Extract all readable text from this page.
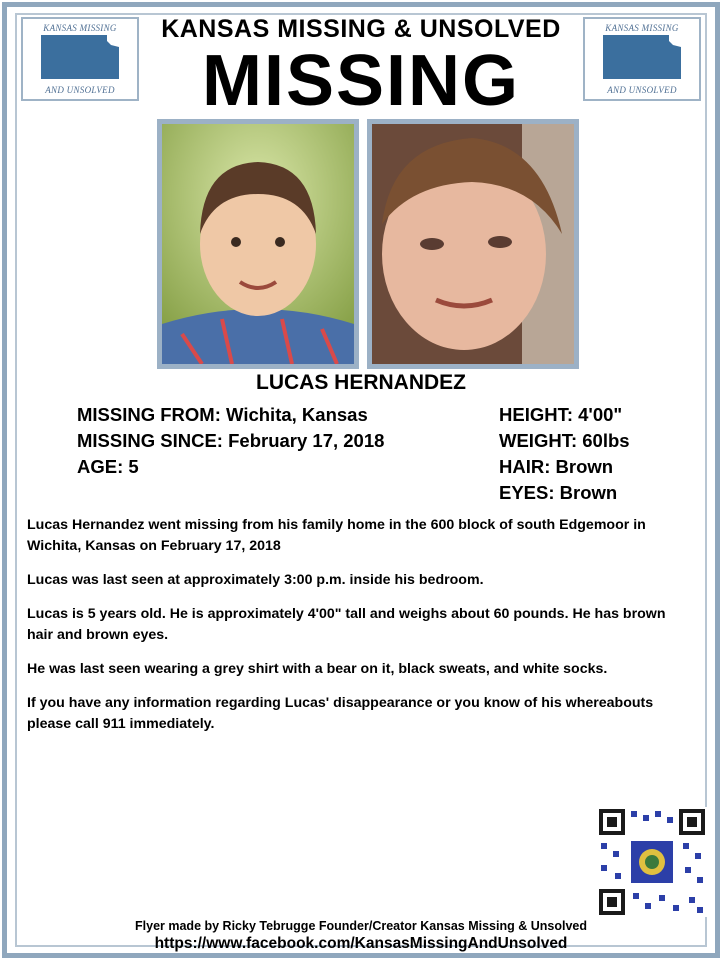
KANSAS MISSING
AND UNSOLVED
KANSAS MISSING
AND UNSOLVED
KANSAS MISSING & UNSOLVED
MISSING
LUCAS HERNANDEZ
MISSING FROM: Wichita, Kansas
MISSING SINCE: February 17, 2018
AGE: 5
HEIGHT: 4'00"
WEIGHT: 60lbs
HAIR: Brown
EYES: Brown

Lucas Hernandez went missing from his family home in the 600 block of south Edgemoor in Wichita, Kansas on February 17, 2018

Lucas was last seen at approximately 3:00 p.m. inside his bedroom.

Lucas is 5 years old. He is approximately 4'00" tall and weighs about 60 pounds. He has brown hair and brown eyes.

He was last seen wearing a grey shirt with a bear on it, black sweats, and white socks.

If you have any information regarding Lucas' disappearance or you know of his whereabouts please call 911 immediately.

Flyer made by Ricky Tebrugge Founder/Creator Kansas Missing & Unsolved
https://www.facebook.com/KansasMissingAndUnsolved
